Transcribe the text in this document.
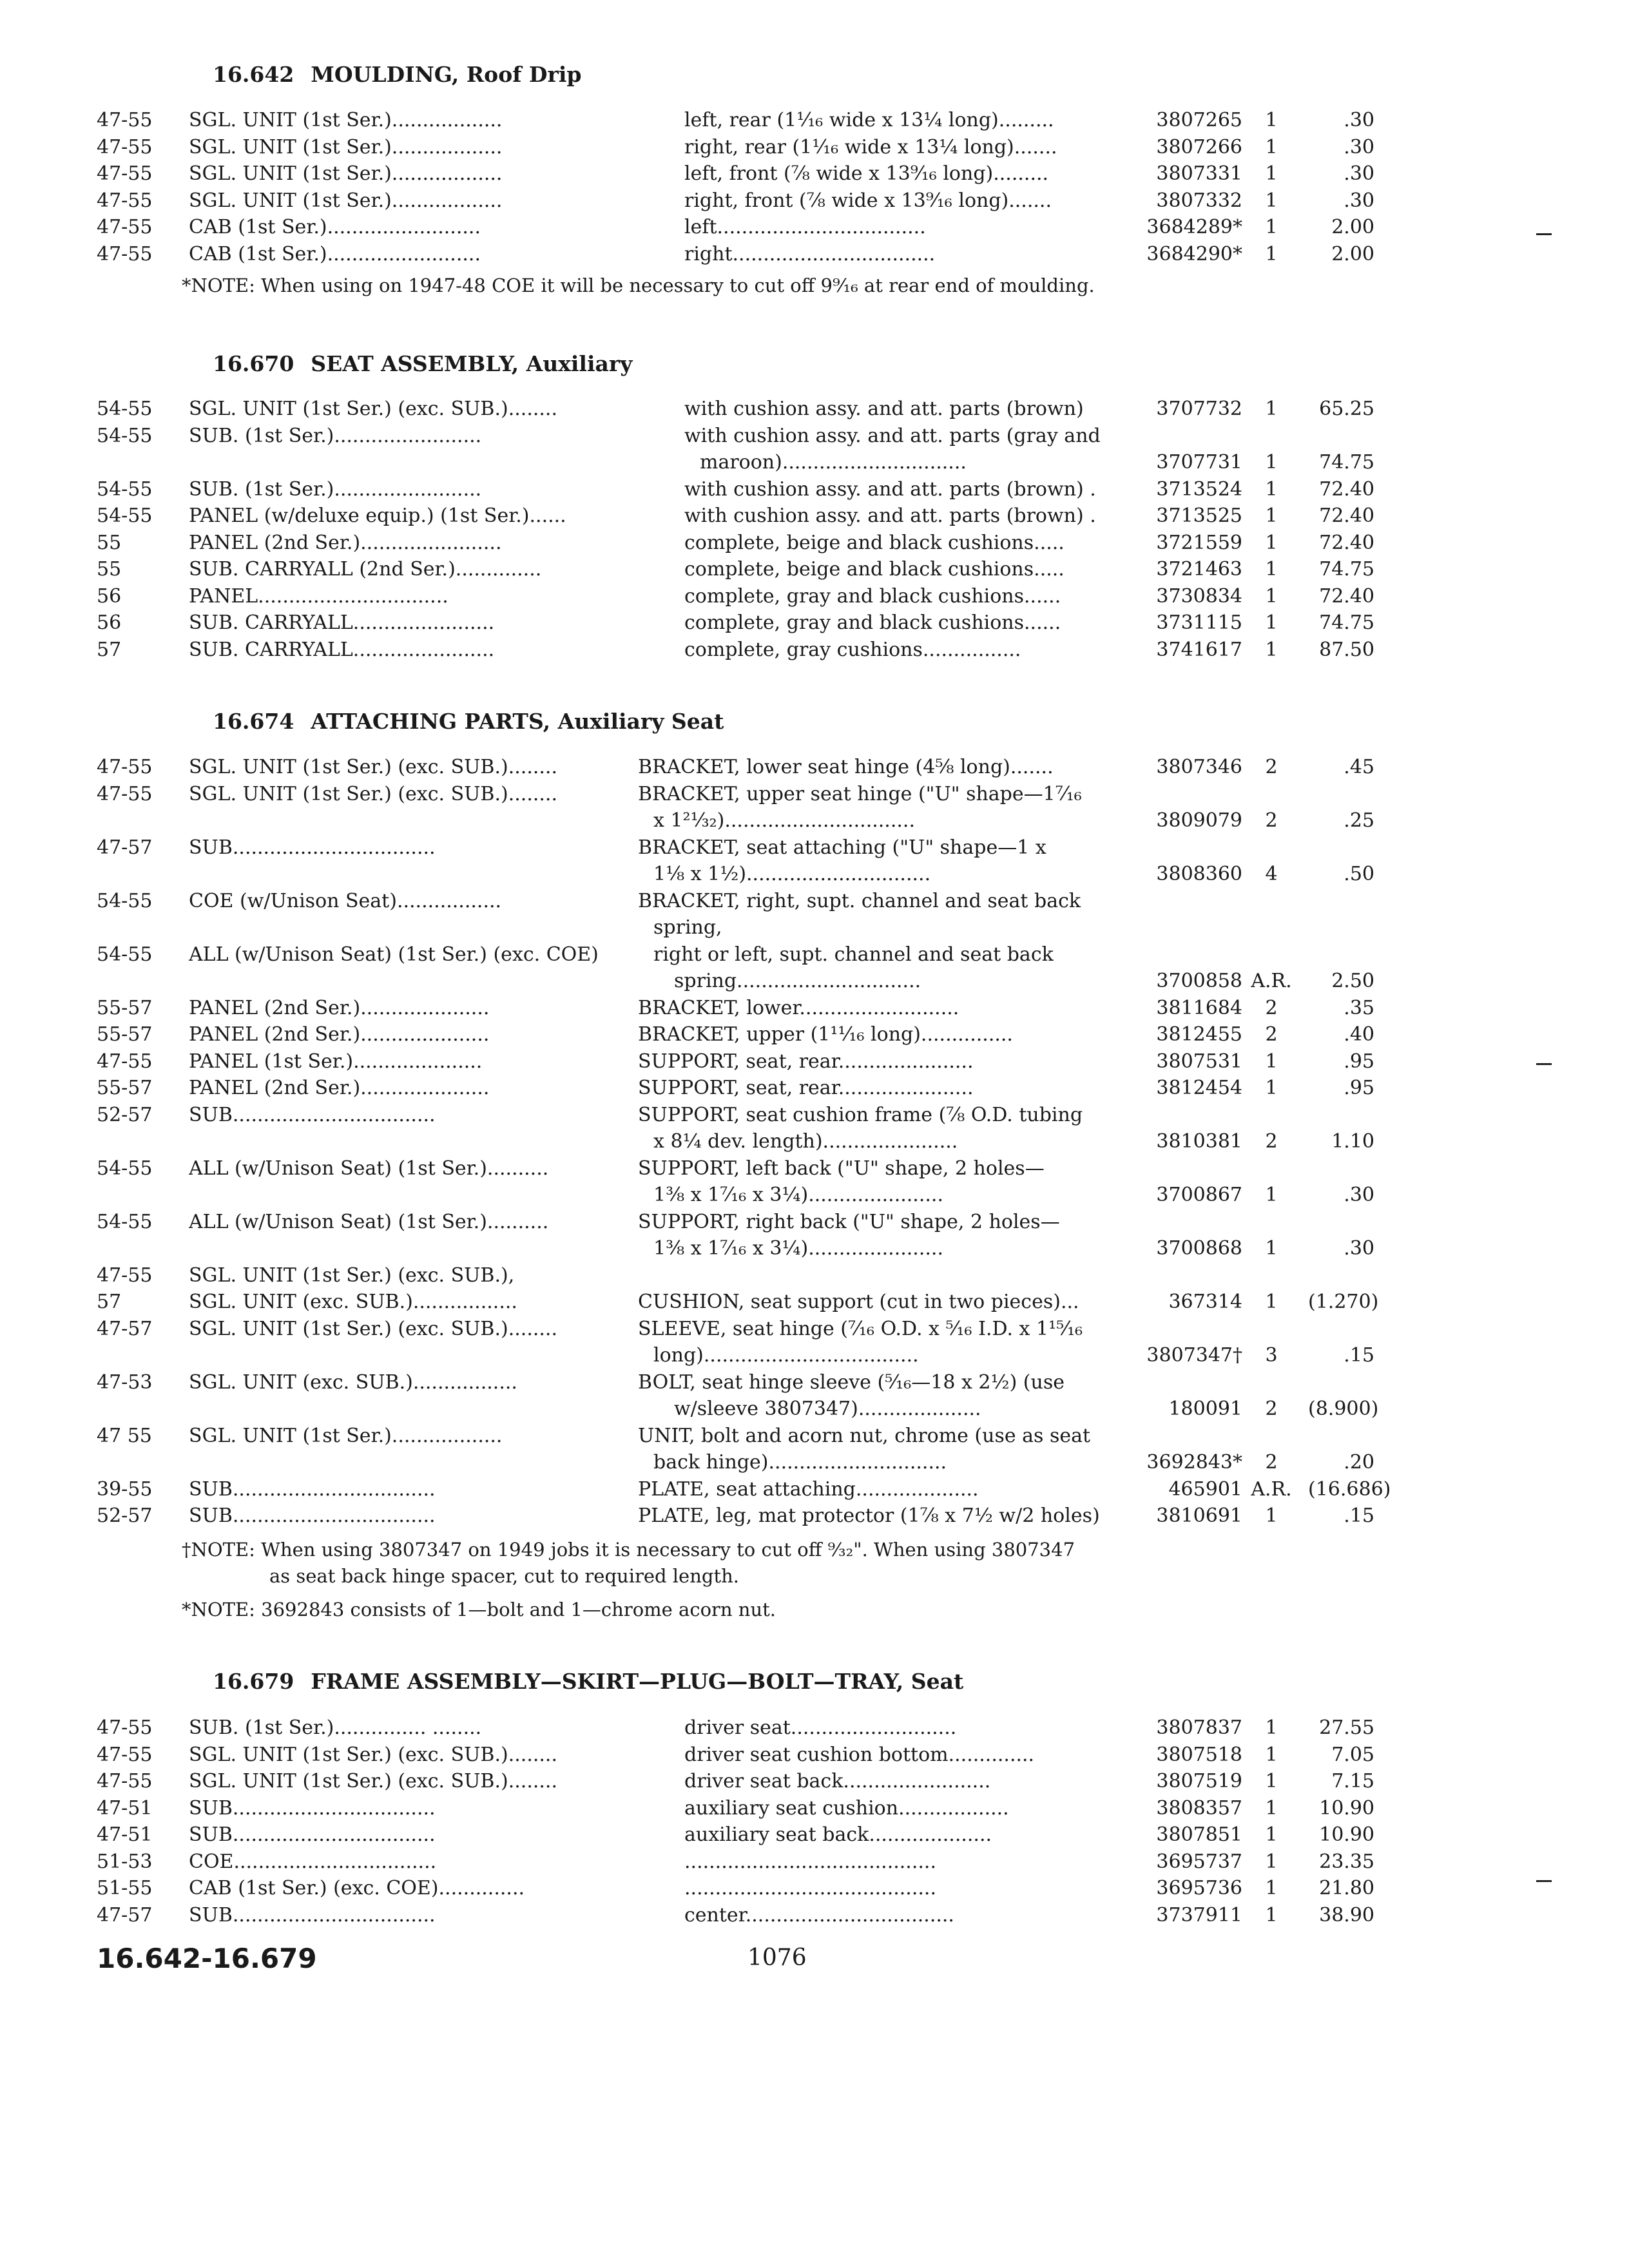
16.642 MOULDING, Roof Drip
47-55	SGL. UNIT (1st Ser.)..................	left, rear (1¹⁄₁₆ wide x 13¼ long).........	3807265	1	.30
47-55	SGL. UNIT (1st Ser.)..................	right, rear (1¹⁄₁₆ wide x 13¼ long).......	3807266	1	.30
47-55	SGL. UNIT (1st Ser.)..................	left, front (⅞ wide x 13⁹⁄₁₆ long).........	3807331	1	.30
47-55	SGL. UNIT (1st Ser.)..................	right, front (⅞ wide x 13⁹⁄₁₆ long).......	3807332	1	.30
47-55	CAB (1st Ser.).........................	left..................................	3684289*	1	2.00
47-55	CAB (1st Ser.).........................	right.................................	3684290*	1	2.00
*NOTE: When using on 1947-48 COE it will be necessary to cut off 9⁹⁄₁₆ at rear end of moulding.
16.670 SEAT ASSEMBLY, Auxiliary
54-55	SGL. UNIT (1st Ser.) (exc. SUB.)........	with cushion assy. and att. parts (brown)	3707732	1	65.25
54-55	SUB. (1st Ser.)........................	with cushion assy. and att. parts (gray and
maroon)..............................	3707731	1	74.75
54-55	SUB. (1st Ser.)........................	with cushion assy. and att. parts (brown) .	3713524	1	72.40
54-55	PANEL (w/deluxe equip.) (1st Ser.)......	with cushion assy. and att. parts (brown) .	3713525	1	72.40
55	PANEL (2nd Ser.).......................	complete, beige and black cushions.....	3721559	1	72.40
55	SUB. CARRYALL (2nd Ser.)..............	complete, beige and black cushions.....	3721463	1	74.75
56	PANEL...............................	complete, gray and black cushions......	3730834	1	72.40
56	SUB. CARRYALL.......................	complete, gray and black cushions......	3731115	1	74.75
57	SUB. CARRYALL.......................	complete, gray cushions................	3741617	1	87.50
16.674 ATTACHING PARTS, Auxiliary Seat
47-55	SGL. UNIT (1st Ser.) (exc. SUB.)........	BRACKET, lower seat hinge (4⅝ long).......	3807346	2	.45
47-55	SGL. UNIT (1st Ser.) (exc. SUB.)........	BRACKET, upper seat hinge ("U" shape—1⁷⁄₁₆
x 1²¹⁄₃₂)...............................	3809079	2	.25
47-57	SUB.................................	BRACKET, seat attaching ("U" shape—1 x
1⅛ x 1½)..............................	3808360	4	.50
54-55	COE (w/Unison Seat).................	BRACKET, right, supt. channel and seat back
spring,
54-55	ALL (w/Unison Seat) (1st Ser.) (exc. COE)	right or left, supt. channel and seat back
spring..............................	3700858 A.R.	2.50
55-57	PANEL (2nd Ser.).....................	BRACKET, lower..........................	3811684	2	.35
55-57	PANEL (2nd Ser.).....................	BRACKET, upper (1¹¹⁄₁₆ long)...............	3812455	2	.40
47-55	PANEL (1st Ser.).....................	SUPPORT, seat, rear......................	3807531	1	.95
55-57	PANEL (2nd Ser.).....................	SUPPORT, seat, rear......................	3812454	1	.95
52-57	SUB.................................	SUPPORT, seat cushion frame (⅞ O.D. tubing
x 8¼ dev. length)......................	3810381	2	1.10
54-55	ALL (w/Unison Seat) (1st Ser.)..........	SUPPORT, left back ("U" shape, 2 holes—
1⅜ x 1⁷⁄₁₆ x 3¼)......................	3700867	1	.30
54-55	ALL (w/Unison Seat) (1st Ser.)..........	SUPPORT, right back ("U" shape, 2 holes—
1⅜ x 1⁷⁄₁₆ x 3¼)......................	3700868	1	.30
47-55	SGL. UNIT (1st Ser.) (exc. SUB.),
57	SGL. UNIT (exc. SUB.).................	CUSHION, seat support (cut in two pieces)...	367314	1	(1.270)
47-57	SGL. UNIT (1st Ser.) (exc. SUB.)........	SLEEVE, seat hinge (⁷⁄₁₆ O.D. x ⁵⁄₁₆ I.D. x 1¹⁵⁄₁₆
long)...................................	3807347†	3	.15
47-53	SGL. UNIT (exc. SUB.).................	BOLT, seat hinge sleeve (⁵⁄₁₆—18 x 2½) (use
w/sleeve 3807347)....................	180091	2	(8.900)
47 55	SGL. UNIT (1st Ser.)..................	UNIT, bolt and acorn nut, chrome (use as seat
back hinge).............................	3692843*	2	.20
39-55	SUB.................................	PLATE, seat attaching....................	465901 A.R. (16.686)
52-57	SUB.................................	PLATE, leg, mat protector (1⅞ x 7½ w/2 holes)	3810691	1	.15
†NOTE: When using 3807347 on 1949 jobs it is necessary to cut off ⁹⁄₃₂". When using 3807347
as seat back hinge spacer, cut to required length.
*NOTE: 3692843 consists of 1—bolt and 1—chrome acorn nut.
16.679 FRAME ASSEMBLY—SKIRT—PLUG—BOLT—TRAY, Seat
47-55	SUB. (1st Ser.)............... ........	driver seat...........................	3807837	1	27.55
47-55	SGL. UNIT (1st Ser.) (exc. SUB.)........	driver seat cushion bottom..............	3807518	1	7.05
47-55	SGL. UNIT (1st Ser.) (exc. SUB.)........	driver seat back........................	3807519	1	7.15
47-51	SUB.................................	auxiliary seat cushion..................	3808357	1	10.90
47-51	SUB.................................	auxiliary seat back....................	3807851	1	10.90
51-53	COE.................................	.........................................	3695737	1	23.35
51-55	CAB (1st Ser.) (exc. COE)..............	.........................................	3695736	1	21.80
47-57	SUB.................................	center..................................	3737911	1	38.90
16.642-16.679	1076
